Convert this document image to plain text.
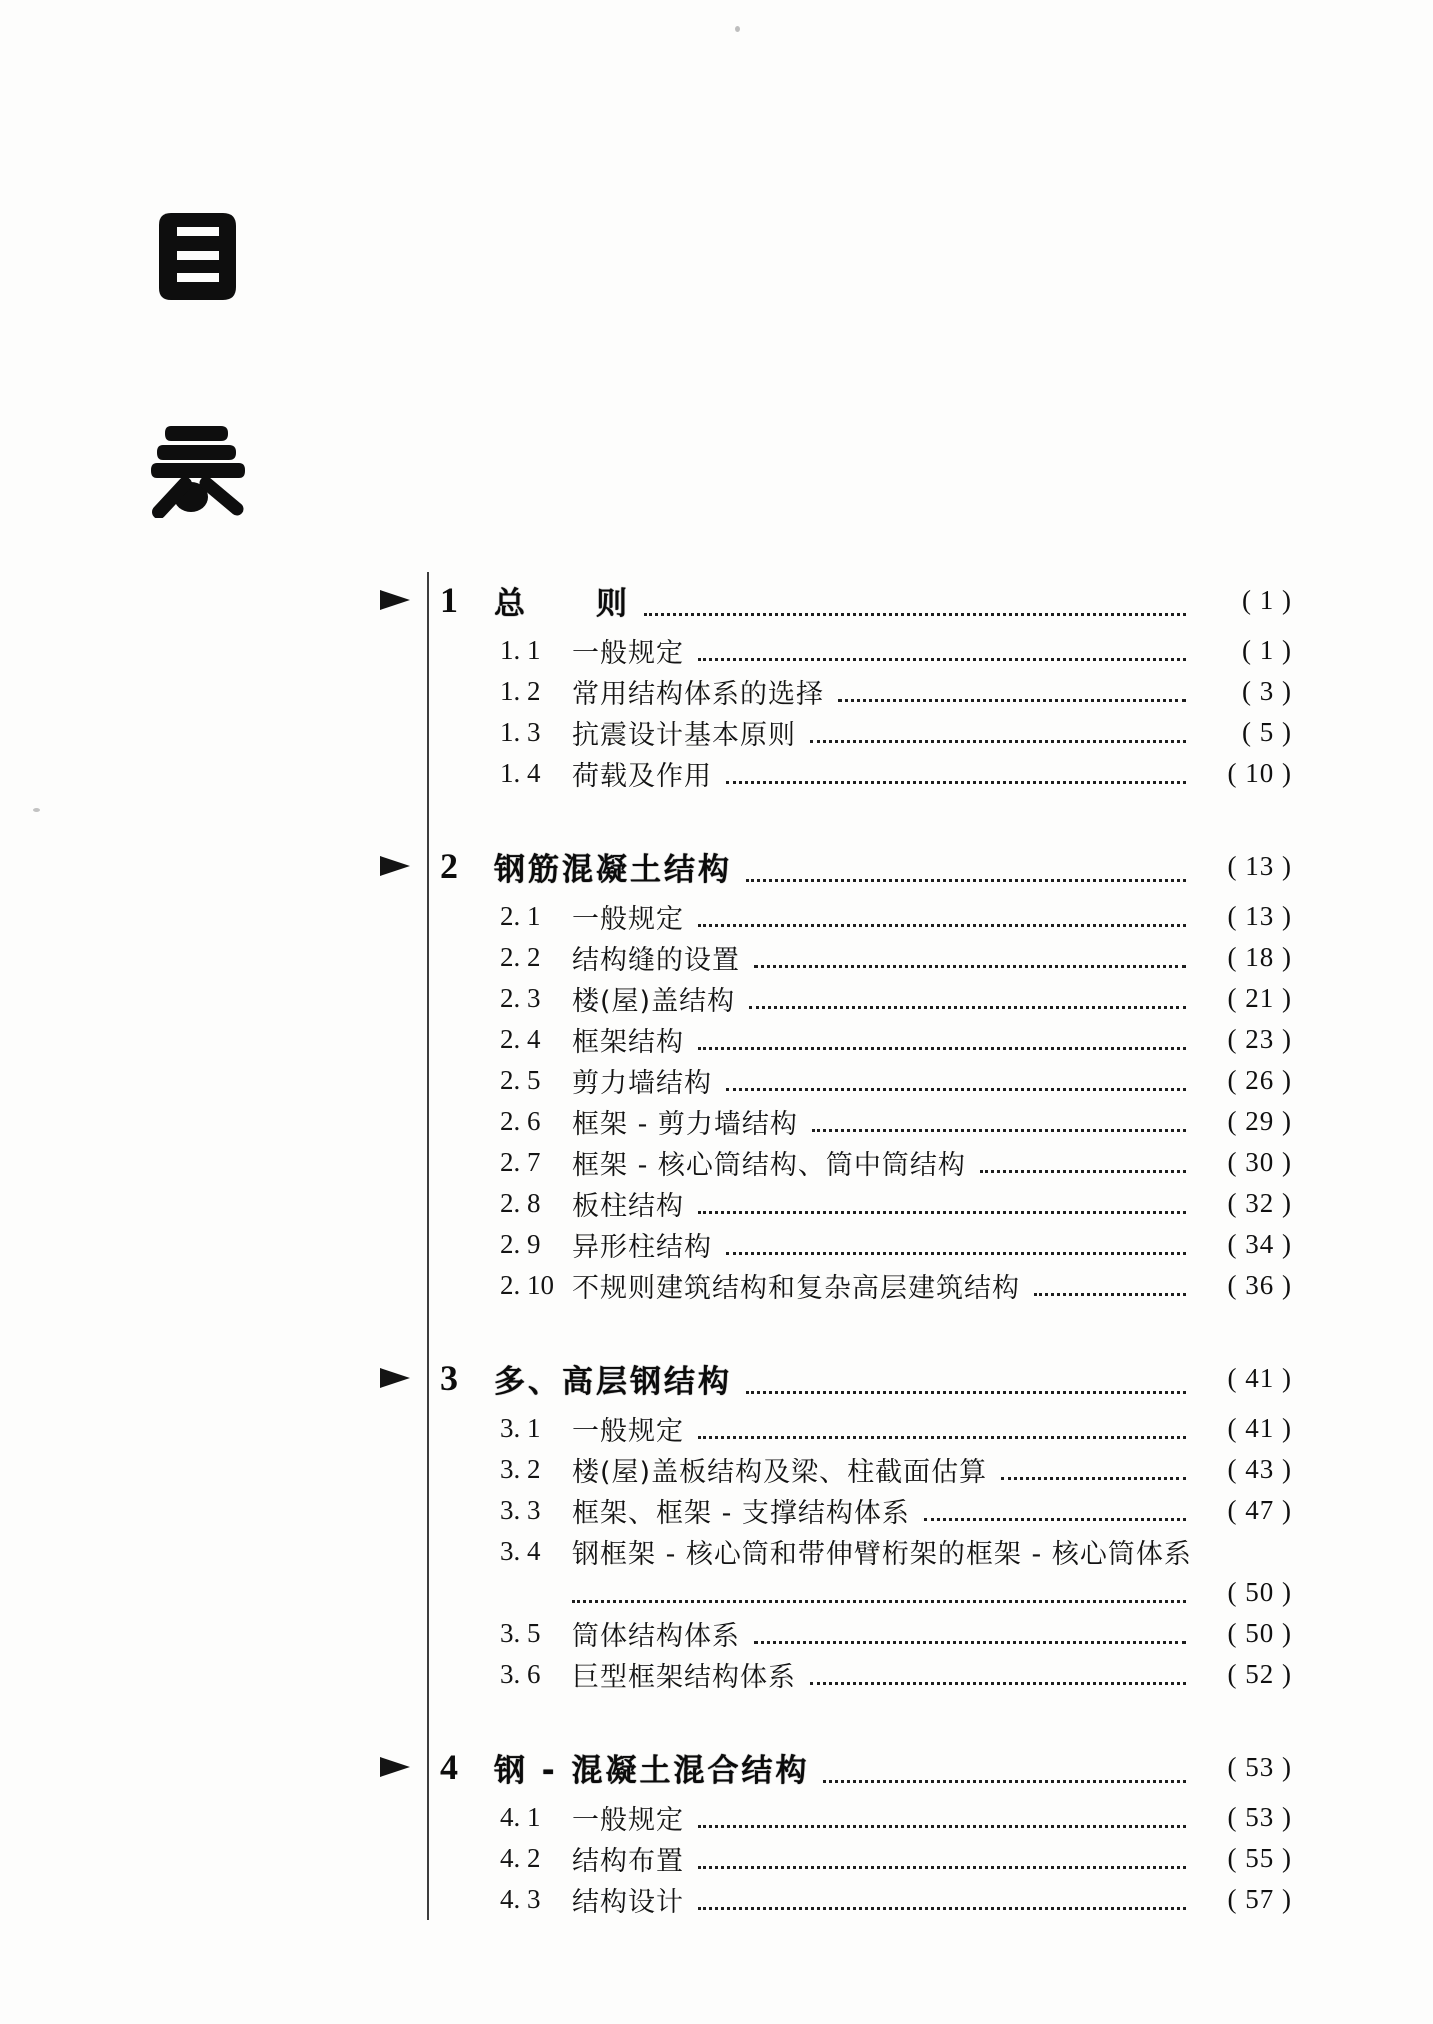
1	总　　则	( 1 )
1. 1	一般规定	( 1 )
1. 2	常用结构体系的选择	( 3 )
1. 3	抗震设计基本原则	( 5 )
1. 4	荷载及作用	( 10 )
2	钢筋混凝土结构	( 13 )
2. 1	一般规定	( 13 )
2. 2	结构缝的设置	( 18 )
2. 3	楼(屋)盖结构	( 21 )
2. 4	框架结构	( 23 )
2. 5	剪力墙结构	( 26 )
2. 6	框架 - 剪力墙结构	( 29 )
2. 7	框架 - 核心筒结构、筒中筒结构	( 30 )
2. 8	板柱结构	( 32 )
2. 9	异形柱结构	( 34 )
2. 10 不规则建筑结构和复杂高层建筑结构	( 36 )
3	多、高层钢结构	( 41 )
3. 1	一般规定	( 41 )
3. 2	楼(屋)盖板结构及梁、柱截面估算	( 43 )
3. 3	框架、框架 - 支撑结构体系	( 47 )
3. 4	钢框架 - 核心筒和带伸臂桁架的框架 - 核心筒体系
( 50 )
3. 5	筒体结构体系	( 50 )
3. 6	巨型框架结构体系	( 52 )
4	钢 - 混凝土混合结构	( 53 )
4. 1	一般规定	( 53 )
4. 2	结构布置	( 55 )
4. 3	结构设计	( 57 )
